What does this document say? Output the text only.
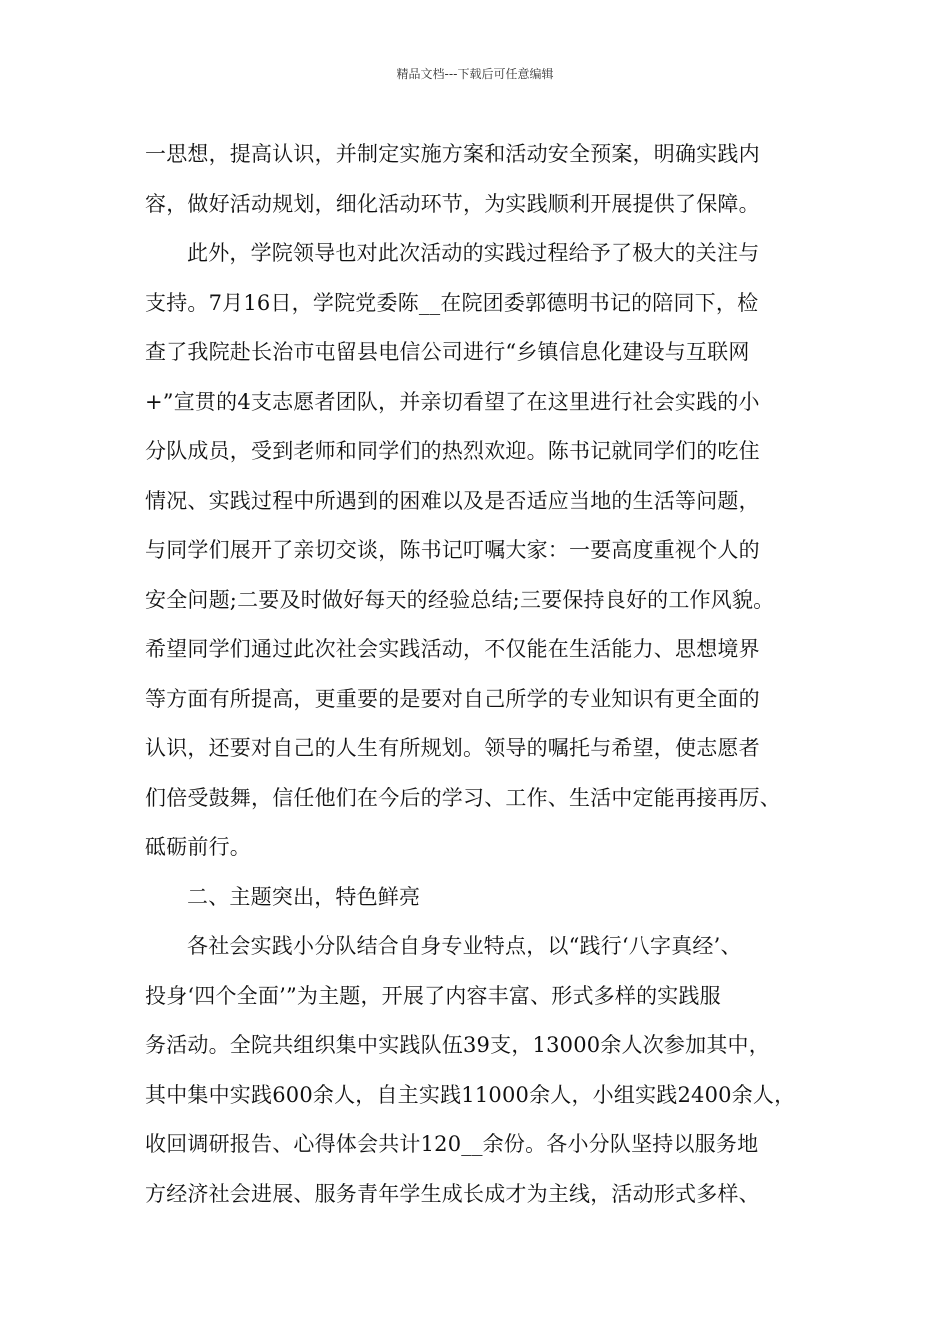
精品文档---下载后可任意编辑
一思想，提高认识，并制定实施方案和活动安全预案，明确实践内
容，做好活动规划，细化活动环节，为实践顺利开展提供了保障。
此外，学院领导也对此次活动的实践过程给予了极大的关注与
支持。7月16日，学院党委陈__在院团委郭德明书记的陪同下，检
查了我院赴长治市屯留县电信公司进行“乡镇信息化建设与互联网
+”宣贯的4支志愿者团队，并亲切看望了在这里进行社会实践的小
分队成员，受到老师和同学们的热烈欢迎。陈书记就同学们的吃住
情况、实践过程中所遇到的困难以及是否适应当地的生活等问题，
与同学们展开了亲切交谈，陈书记叮嘱大家：一要高度重视个人的
安全问题;二要及时做好每天的经验总结;三要保持良好的工作风貌。
希望同学们通过此次社会实践活动，不仅能在生活能力、思想境界
等方面有所提高，更重要的是要对自己所学的专业知识有更全面的
认识，还要对自己的人生有所规划。领导的嘱托与希望，使志愿者
们倍受鼓舞，信任他们在今后的学习、工作、生活中定能再接再厉、
砥砺前行。
二、主题突出，特色鲜亮
各社会实践小分队结合自身专业特点，以“践行‘八字真经’、
投身‘四个全面’”为主题，开展了内容丰富、形式多样的实践服
务活动。全院共组织集中实践队伍39支，13000余人次参加其中，
其中集中实践600余人，自主实践11000余人，小组实践2400余人，
收回调研报告、心得体会共计120__余份。各小分队坚持以服务地
方经济社会进展、服务青年学生成长成才为主线，活动形式多样、
